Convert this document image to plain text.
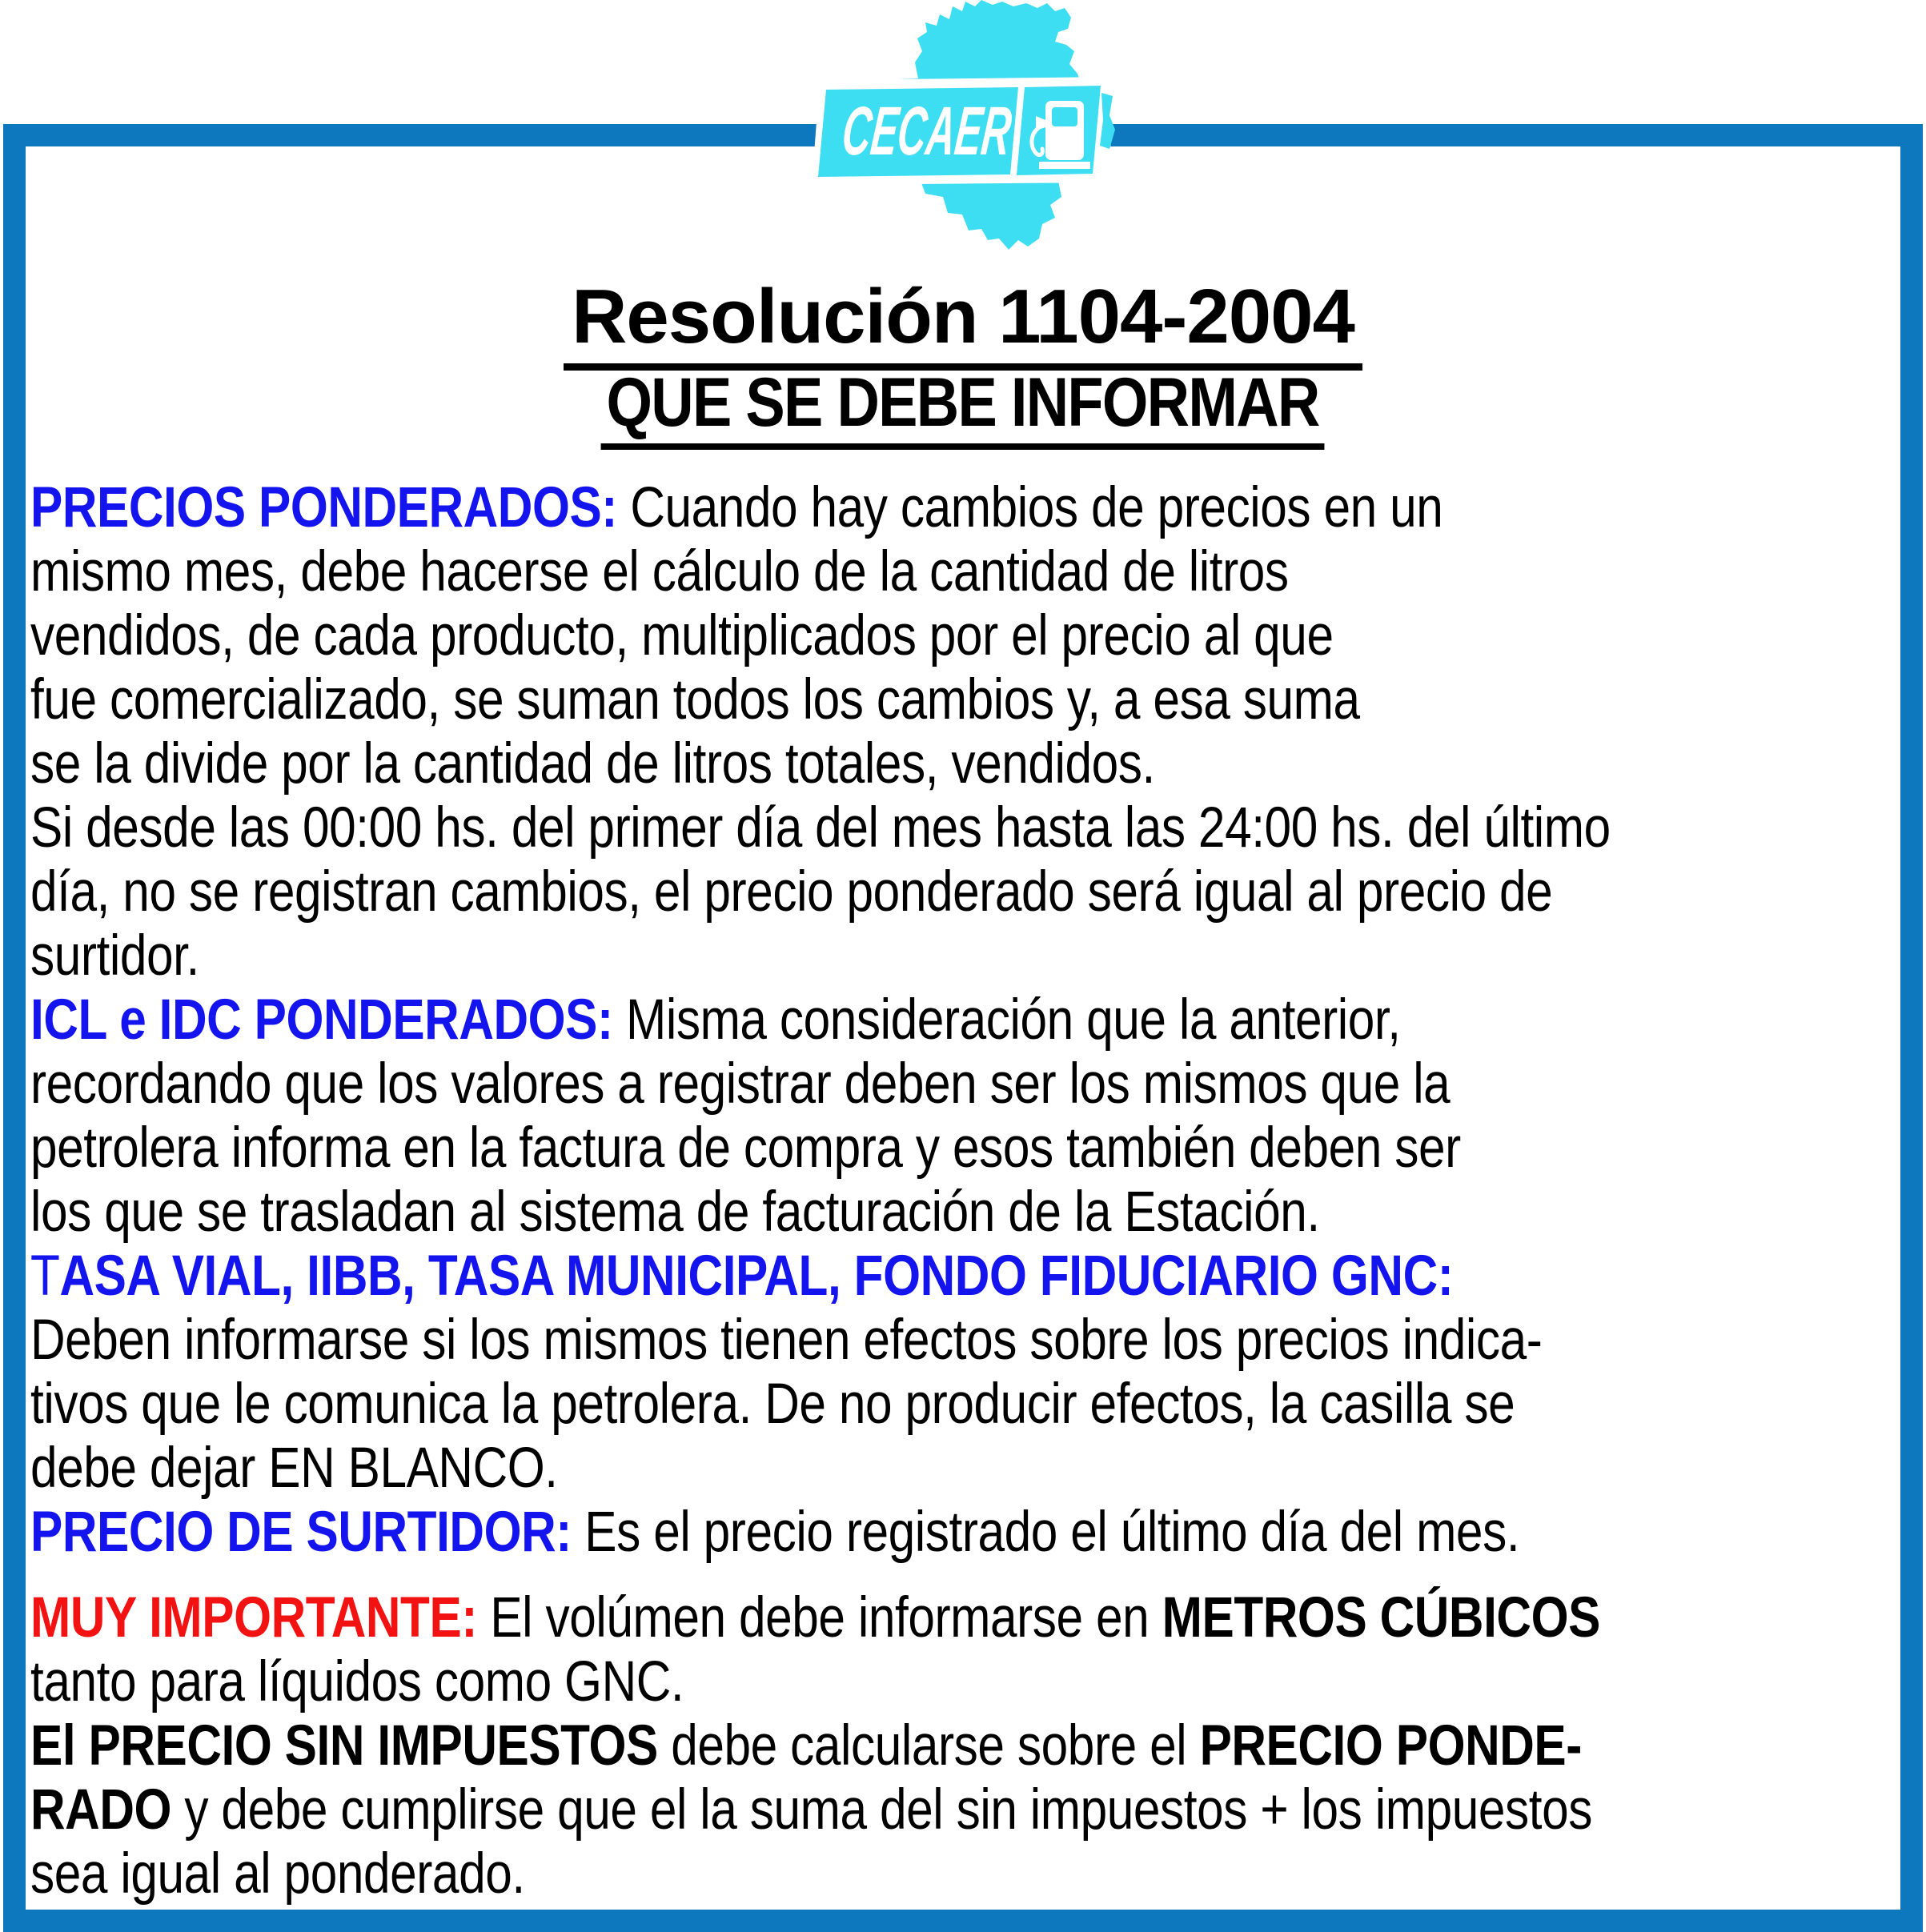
CECAER
Resolución 1104-2004
QUE SE DEBE INFORMAR
PRECIOS PONDERADOS: Cuando hay cambios de precios en un
mismo mes, debe hacerse el cálculo de la cantidad de litros
vendidos, de cada producto, multiplicados por el precio al que
fue comercializado, se suman todos los cambios y, a esa suma
se la divide por la cantidad de litros totales, vendidos.
Si desde las 00:00 hs. del primer día del mes hasta las 24:00 hs. del último
día, no se registran cambios, el precio ponderado será igual al precio de
surtidor.
ICL e IDC PONDERADOS: Misma consideración que la anterior,
recordando que los valores a registrar deben ser los mismos que la
petrolera informa en la factura de compra y esos también deben ser
los que se trasladan al sistema de facturación de la Estación.
TASA VIAL, IIBB, TASA MUNICIPAL, FONDO FIDUCIARIO GNC:
Deben informarse si los mismos tienen efectos sobre los precios indica-
tivos que le comunica la petrolera. De no producir efectos, la casilla se
debe dejar EN BLANCO.
PRECIO DE SURTIDOR: Es el precio registrado el último día del mes.
MUY IMPORTANTE: El volúmen debe informarse en METROS CÚBICOS
tanto para líquidos como GNC.
El PRECIO SIN IMPUESTOS debe calcularse sobre el PRECIO PONDE-
RADO y debe cumplirse que el la suma del sin impuestos + los impuestos
sea igual al ponderado.
